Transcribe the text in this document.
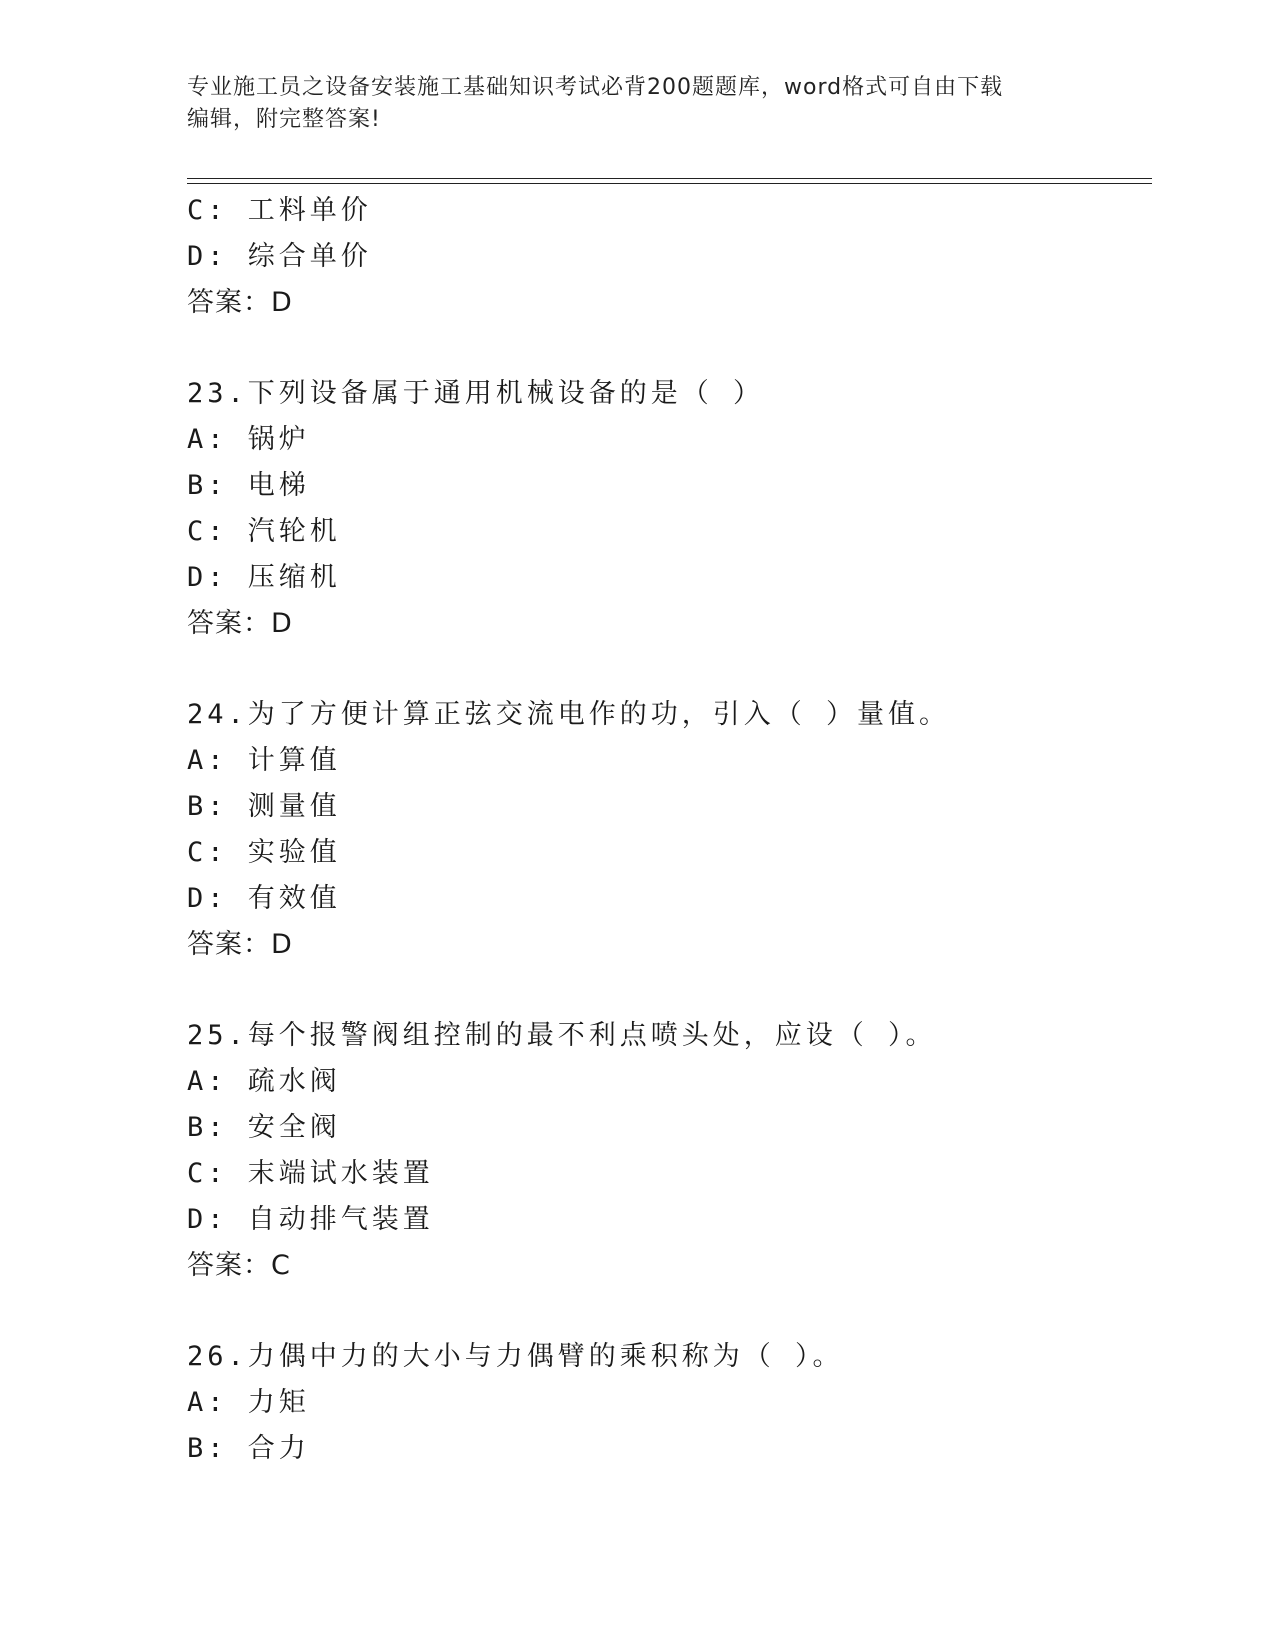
专业施工员之设备安装施工基础知识考试必背200题题库，word格式可自由下载
编辑，附完整答案!
C: 工料单价
D: 综合单价
答案：D
23.下列设备属于通用机械设备的是（ ）
A: 锅炉
B: 电梯
C: 汽轮机
D: 压缩机
答案：D
24.为了方便计算正弦交流电作的功，引入（ ）量值。
A: 计算值
B: 测量值
C: 实验值
D: 有效值
答案：D
25.每个报警阀组控制的最不利点喷头处，应设（ ）。
A: 疏水阀
B: 安全阀
C: 末端试水装置
D: 自动排气装置
答案：C
26.力偶中力的大小与力偶臂的乘积称为（ ）。
A: 力矩
B: 合力
